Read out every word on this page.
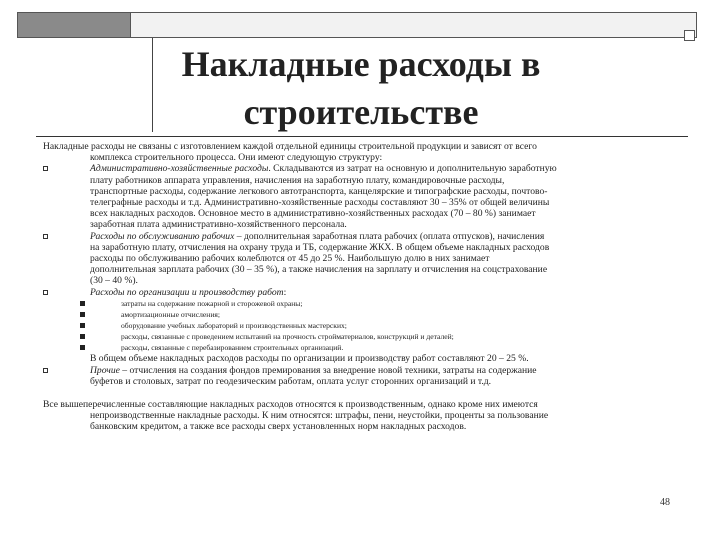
Накладные расходы в
строительстве

Накладные расходы не связаны с изготовлением каждой отдельной единицы строительной продукции и зависят от всего

комплекса строительного процесса. Они имеют следующую структуру:

Административно-хозяйственные расходы. Складываются из затрат на основную и дополнительную заработную
плату работников аппарата управления, начисления на заработную плату, командировочные расходы,
транспортные расходы, содержание легкового автотранспорта, канцелярские и типографские расходы, почтово-
телеграфные расходы и т.д. Административно-хозяйственные расходы составляют 30 – 35% от общей величины
всех накладных расходов. Основное место в административно-хозяйственных расходах (70 – 80 %) занимает
заработная плата административно-хозяйственного персонала.
Расходы по обслуживанию рабочих – дополнительная заработная плата рабочих (оплата отпусков), начисления
на заработную плату, отчисления на охрану труда и ТБ, содержание ЖКХ. В общем объеме накладных расходов
расходы по обслуживанию рабочих колеблются от 45 до 25 %. Наибольшую долю в них занимает
дополнительная зарплата рабочих (30 – 35 %), а также начисления на зарплату и отчисления на соцстрахование
(30 – 40 %).
Расходы по организации и производству работ:
затраты на содержание пожарной и сторожевой охраны;
амортизационные отчисления;
оборудование учебных лабораторий и производственных мастерских;
расходы, связанные с проведением испытаний на прочность стройматериалов, конструкций и деталей;
расходы, связанные с перебазированием строительных организаций.

В общем объеме накладных расходов расходы по организации и производству работ составляют 20 – 25 %.

Прочие – отчисления на создания фондов премирования за внедрение новой техники, затраты на содержание
буфетов и столовых, затрат по геодезическим работам, оплата услуг сторонних организаций и т.д.

Все вышеперечисленные составляющие накладных расходов относятся к производственным, однако кроме них имеются

непроизводственные накладные расходы. К ним относятся: штрафы, пени, неустойки, проценты за пользование

банковским кредитом, а также все расходы сверх установленных норм накладных расходов.

48
